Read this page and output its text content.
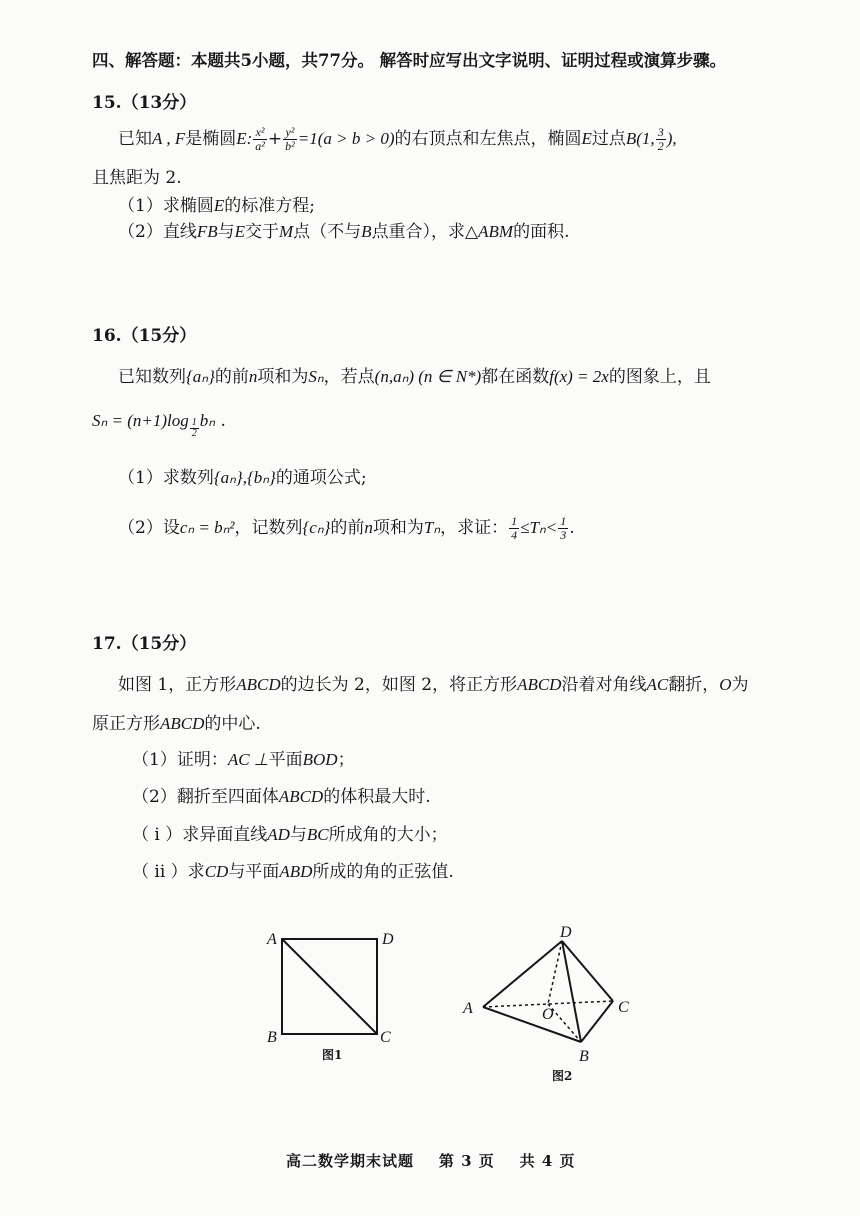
四、解答题：本题共5小题，共77分。 解答时应写出文字说明、证明过程或演算步骤。
15.（13分）
已知A , F是椭圆E: $\frac{\text{x²}}{\text{a²}} + \frac{\text{y²}}{\text{b²}} =1(a > b > 0)$的右顶点和左焦点，椭圆E过点B(1, $\frac{3}{2}$ ),
且焦距为 2.
（1）求椭圆E的标准方程;
（2）直线FB与E交于M点（不与B点重合），求△ABM的面积.
16.（15分）
已知数列{aₙ}的前n项和为Sₙ，若点(n,aₙ) (n ∈ N*)都在函数f(x) = 2x的图象上，且
$S_n = (n+1)\log \frac{1}{2}$ bₙ .
（1）求数列{aₙ},{bₙ}的通项公式;
（2）设cₙ = bₙ²，记数列{cₙ}的前n项和为Tₙ，求证： $\frac{1}{4} \le T_n< \frac{1}{3}$ .
17.（15分）
如图 1，正方形ABCD的边长为 2，如图 2，将正方形ABCD沿着对角线AC翻折，O为
原正方形ABCD的中心.
（1）证明：AC ⊥平面BOD；
（2）翻折至四面体ABCD的体积最大时.
（ i ）求异面直线AD与BC所成角的大小；
（ ii ）求CD与平面ABD所成的角的正弦值.
A	D
B	C
图1
D
A	C
O
B
图2
高二数学期末试题    第 3 页    共 4 页
